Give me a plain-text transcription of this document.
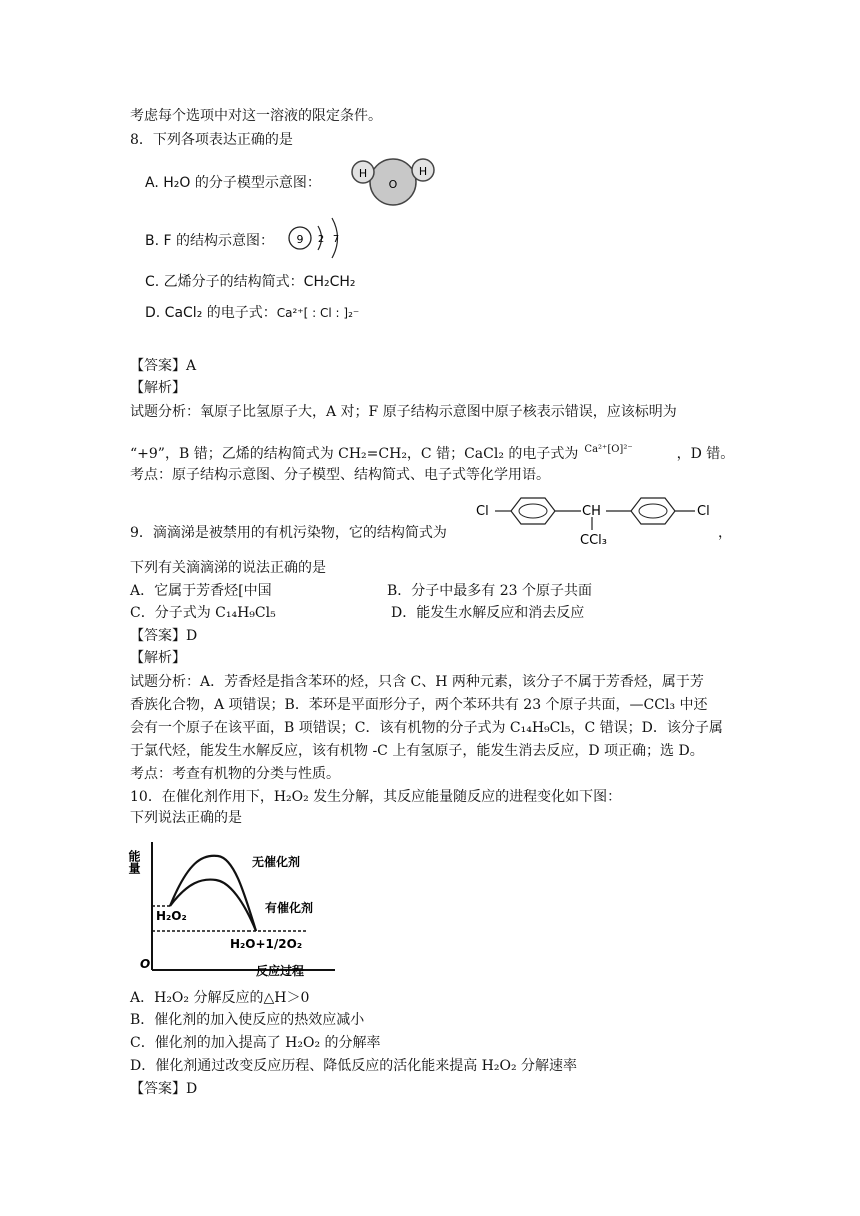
考虑每个选项中对这一溶液的限定条件。
8．下列各项表达正确的是
A. H₂O 的分子模型示意图：
H
O
H
B. F 的结构示意图： 9 2 7
C. 乙烯分子的结构简式：CH₂CH₂
D. CaCl₂ 的电子式：Ca²⁺[ : Cl : ]₂⁻
【答案】A
【解析】
试题分析：氧原子比氢原子大，A 对；F 原子结构示意图中原子核表示错误，应该标明为
“+9”，B 错；乙烯的结构简式为 CH₂=CH₂，C 错；CaCl₂ 的电子式为 Ca²⁺[O]²⁻	，D 错。
考点：原子结构示意图、分子模型、结构简式、电子式等化学用语。
9．滴滴涕是被禁用的有机污染物，它的结构简式为	，
Cl	CH
CCl₃
Cl
下列有关滴滴涕的说法正确的是
A．它属于芳香烃[中国	B．分子中最多有 23 个原子共面
C．分子式为 C₁₄H₉Cl₅	D．能发生水解反应和消去反应
【答案】D
【解析】
试题分析：A．芳香烃是指含苯环的烃，只含 C、H 两种元素，该分子不属于芳香烃，属于芳
香族化合物，A 项错误；B．苯环是平面形分子，两个苯环共有 23 个原子共面，—CCl₃ 中还
会有一个原子在该平面，B 项错误；C．该有机物的分子式为 C₁₄H₉Cl₅，C 错误；D．该分子属
于氯代烃，能发生水解反应，该有机物 -C 上有氢原子，能发生消去反应，D 项正确；选 D。
考点：考查有机物的分类与性质。
10．在催化剂作用下，H₂O₂ 发生分解，其反应能量随反应的进程变化如下图：
下列说法正确的是
能量
O	反应过程
无催化剂
有催化剂
H₂O₂
H₂O+1/2O₂
A．H₂O₂ 分解反应的△H＞0
B．催化剂的加入使反应的热效应减小
C．催化剂的加入提高了 H₂O₂ 的分解率
D．催化剂通过改变反应历程、降低反应的活化能来提高 H₂O₂ 分解速率
【答案】D
